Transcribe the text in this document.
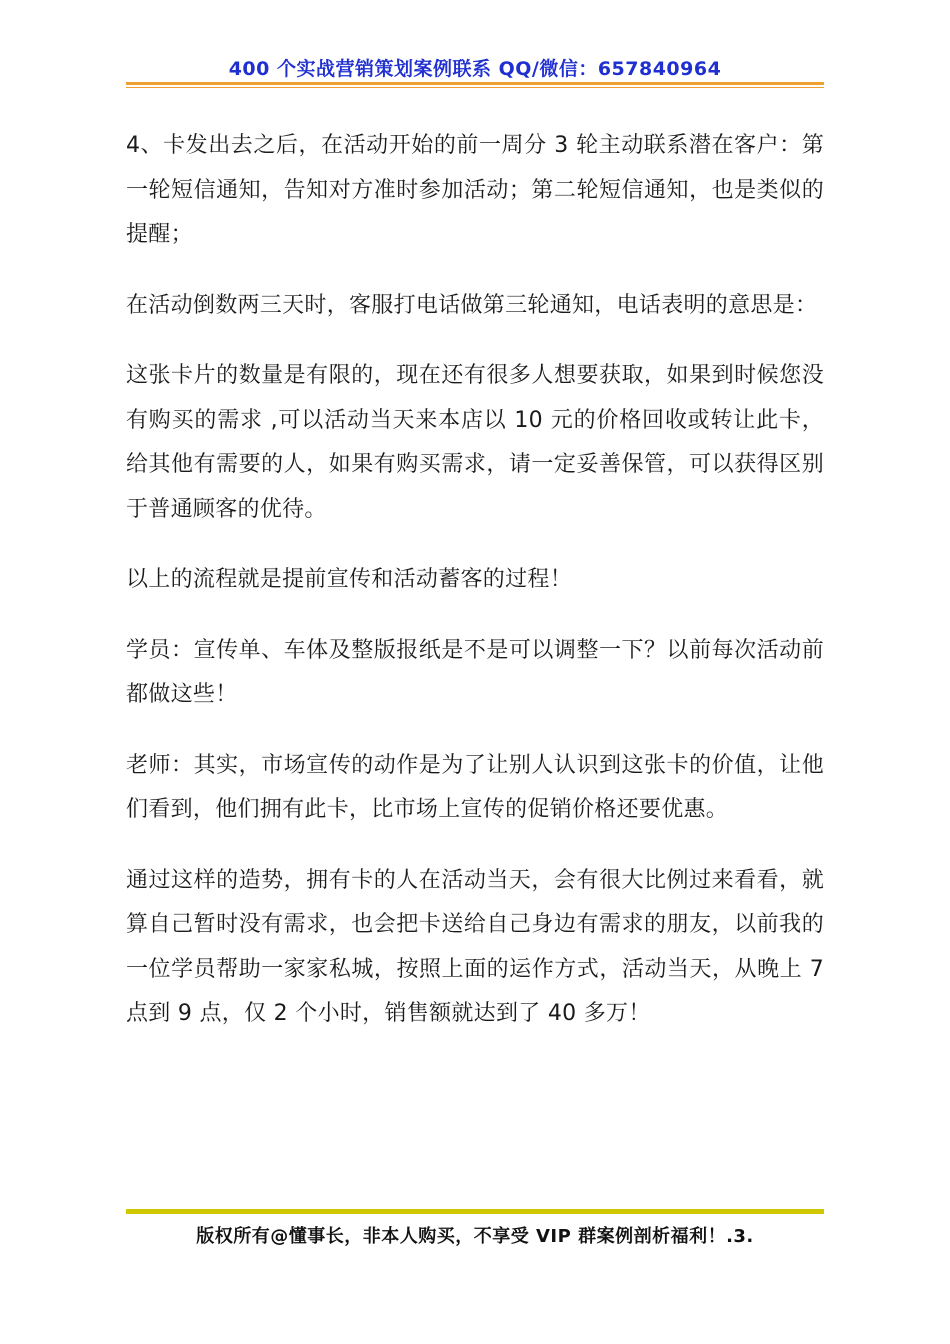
400 个实战营销策划案例联系 QQ/微信：657840964

4、卡发出去之后，在活动开始的前一周分 3 轮主动联系潜在客户：第一轮短信通知，告知对方准时参加活动；第二轮短信通知，也是类似的提醒；

在活动倒数两三天时，客服打电话做第三轮通知，电话表明的意思是：

这张卡片的数量是有限的，现在还有很多人想要获取，如果到时候您没有购买的需求 ,可以活动当天来本店以 10 元的价格回收或转让此卡，给其他有需要的人，如果有购买需求，请一定妥善保管，可以获得区别于普通顾客的优待。

以上的流程就是提前宣传和活动蓄客的过程！

学员：宣传单、车体及整版报纸是不是可以调整一下？以前每次活动前都做这些！

老师：其实，市场宣传的动作是为了让别人认识到这张卡的价值，让他们看到，他们拥有此卡，比市场上宣传的促销价格还要优惠。

通过这样的造势，拥有卡的人在活动当天，会有很大比例过来看看，就算自己暂时没有需求，也会把卡送给自己身边有需求的朋友，以前我的一位学员帮助一家家私城，按照上面的运作方式，活动当天，从晚上 7 点到 9 点，仅 2 个小时，销售额就达到了 40 多万！

版权所有@懂事长，非本人购买，不享受 VIP 群案例剖析福利！.3.
